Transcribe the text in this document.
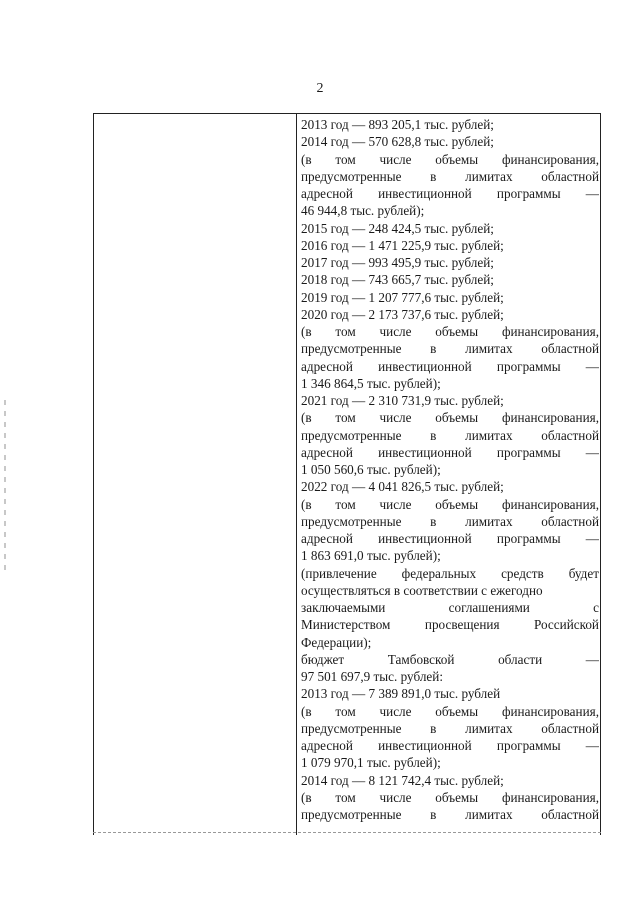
2
2013 год — 893 205,1 тыс. рублей;
2014 год — 570 628,8 тыс. рублей;
(в том числе объемы финансирования,
предусмотренные в лимитах областной
адресной инвестиционной программы —
46 944,8 тыс. рублей);
2015 год — 248 424,5 тыс. рублей;
2016 год — 1 471 225,9 тыс. рублей;
2017 год — 993 495,9 тыс. рублей;
2018 год — 743 665,7 тыс. рублей;
2019 год — 1 207 777,6 тыс. рублей;
2020 год — 2 173 737,6 тыс. рублей;
(в том числе объемы финансирования,
предусмотренные в лимитах областной
адресной инвестиционной программы —
1 346 864,5 тыс. рублей);
2021 год — 2 310 731,9 тыс. рублей;
(в том числе объемы финансирования,
предусмотренные в лимитах областной
адресной инвестиционной программы —
1 050 560,6 тыс. рублей);
2022 год — 4 041 826,5 тыс. рублей;
(в том числе объемы финансирования,
предусмотренные в лимитах областной
адресной инвестиционной программы —
1 863 691,0 тыс. рублей);
(привлечение федеральных средств будет
осуществляться в соответствии с ежегодно
заключаемыми соглашениями с
Министерством просвещения Российской
Федерации);
бюджет Тамбовской области —
97 501 697,9 тыс. рублей:
2013 год — 7 389 891,0 тыс. рублей
(в том числе объемы финансирования,
предусмотренные в лимитах областной
адресной инвестиционной программы —
1 079 970,1 тыс. рублей);
2014 год — 8 121 742,4 тыс. рублей;
(в том числе объемы финансирования,
предусмотренные в лимитах областной
